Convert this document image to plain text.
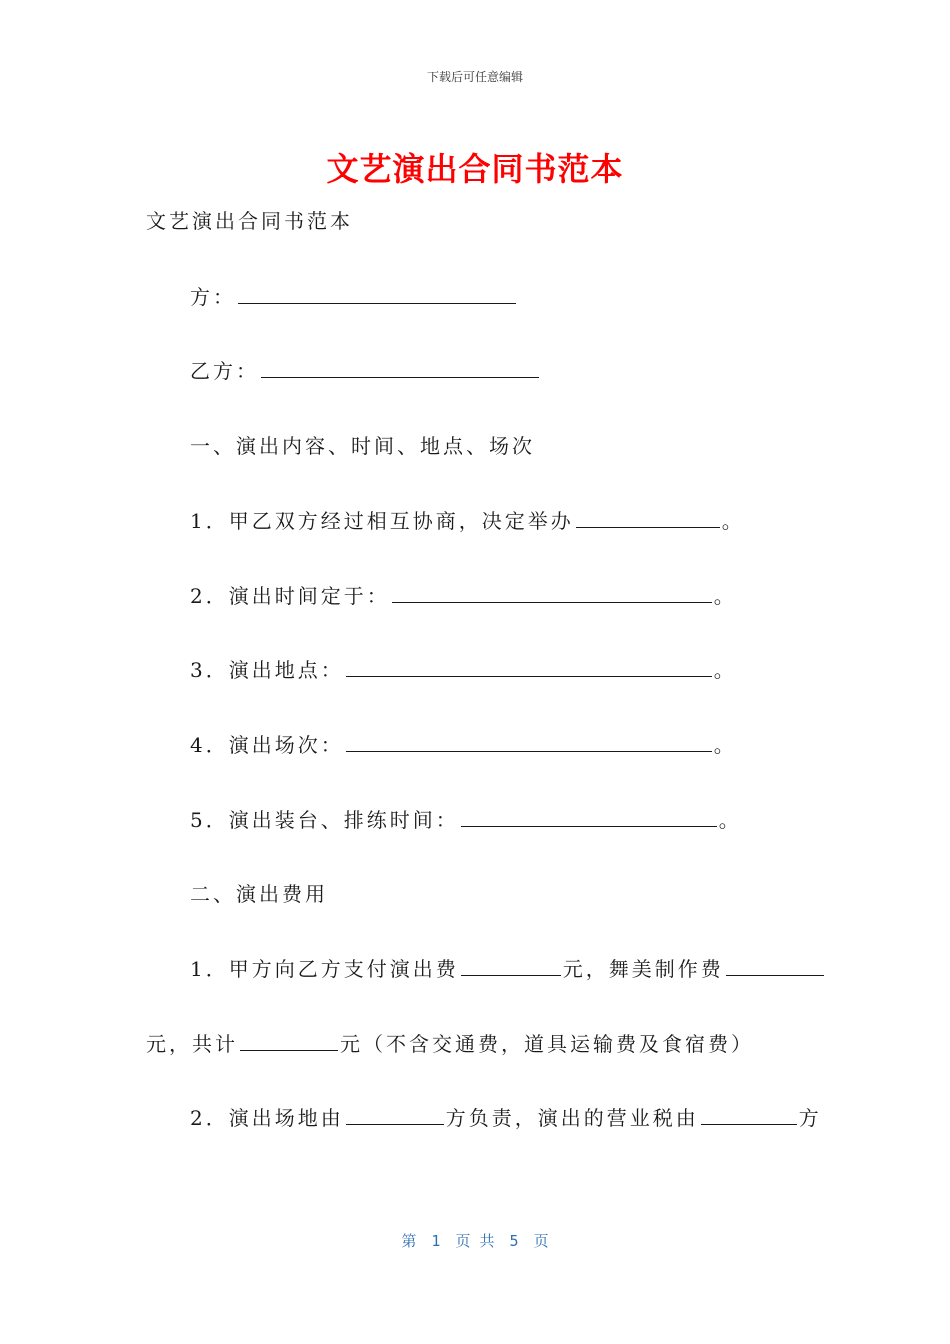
下载后可任意编辑
文艺演出合同书范本
文艺演出合同书范本
方：
乙方：
一、演出内容、时间、地点、场次
1．甲乙双方经过相互协商，决定举办	。
2．演出时间定于：	。
3．演出地点：	。
4．演出场次：	。
5．演出装台、排练时间：	。
二、演出费用
1．甲方向乙方支付演出费	元，舞美制作费
元，共计	元（不含交通费，道具运输费及食宿费）
2．演出场地由	方负责，演出的营业税由	方
第 1 页 共 5 页
